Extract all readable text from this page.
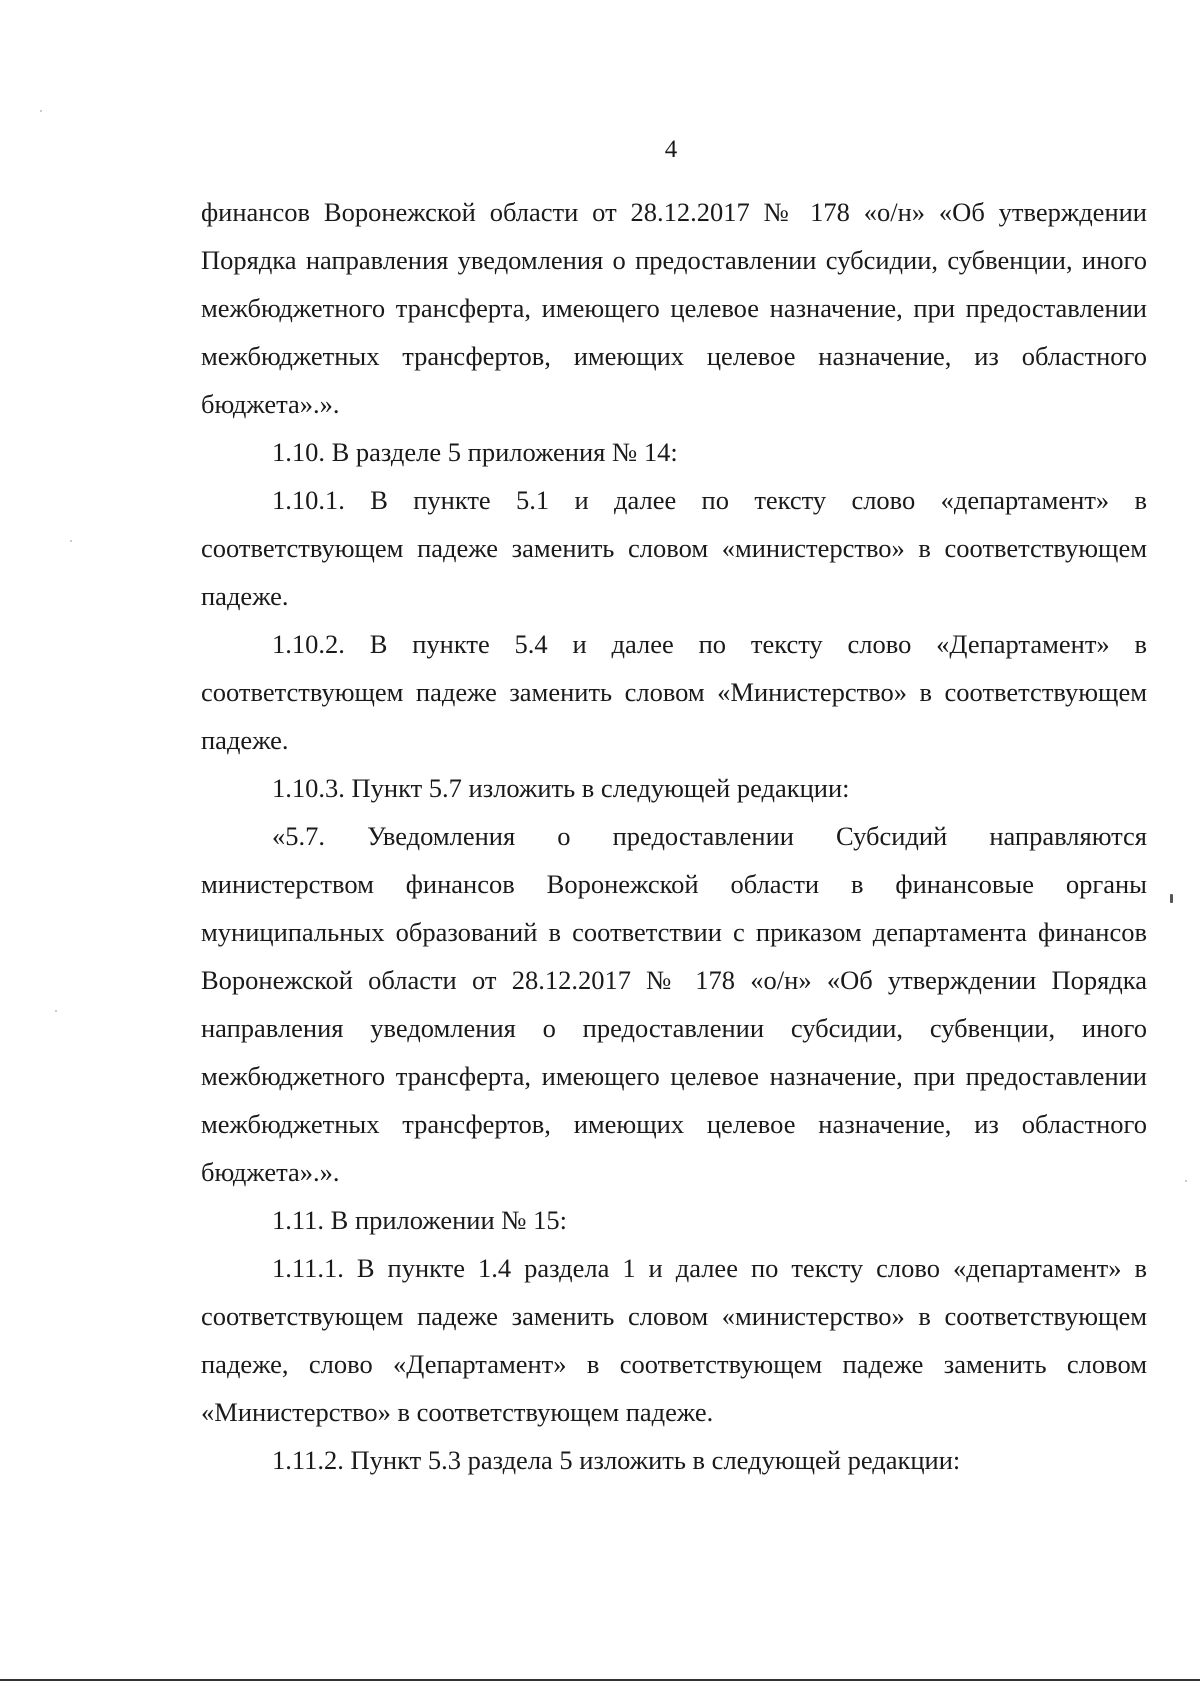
4

финансов Воронежской области от 28.12.2017 № 178 «о/н» «Об утверждении Порядка направления уведомления о предоставлении субсидии, субвенции, иного межбюджетного трансферта, имеющего целевое назначение, при предоставлении межбюджетных трансфертов, имеющих целевое назначение, из областного бюджета».».

1.10. В разделе 5 приложения № 14:

1.10.1. В пункте 5.1 и далее по тексту слово «департамент» в соответствующем падеже заменить словом «министерство» в соответствующем падеже.

1.10.2. В пункте 5.4 и далее по тексту слово «Департамент» в соответствующем падеже заменить словом «Министерство» в соответствующем падеже.

1.10.3. Пункт 5.7 изложить в следующей редакции:

«5.7. Уведомления о предоставлении Субсидий направляются министерством финансов Воронежской области в финансовые органы муниципальных образований в соответствии с приказом департамента финансов Воронежской области от 28.12.2017 № 178 «о/н» «Об утверждении Порядка направления уведомления о предоставлении субсидии, субвенции, иного межбюджетного трансферта, имеющего целевое назначение, при предоставлении межбюджетных трансфертов, имеющих целевое назначение, из областного бюджета».».

1.11. В приложении № 15:

1.11.1. В пункте 1.4 раздела 1 и далее по тексту слово «департамент» в соответствующем падеже заменить словом «министерство» в соответствующем падеже, слово «Департамент» в соответствующем падеже заменить словом «Министерство» в соответствующем падеже.

1.11.2. Пункт 5.3 раздела 5 изложить в следующей редакции:
